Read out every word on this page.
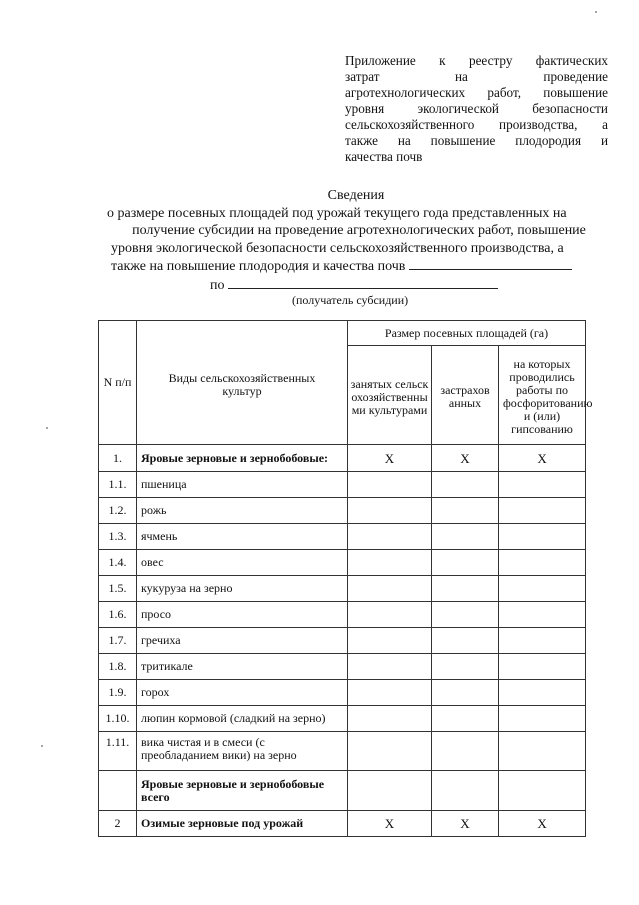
Приложение к реестру фактических
затрат на проведение
агротехнологических работ, повышение
уровня экологической безопасности
сельскохозяйственного производства, а
также на повышение плодородия и
качества почв
Сведения
о размере посевных площадей под урожай текущего года представленных на
получение субсидии на проведение агротехнологических работ, повышение
уровня экологической безопасности сельскохозяйственного производства, а
также на повышение плодородия и качества почв
по
(получатель субсидии)
N п/п	Виды сельскохозяйственных культур	Размер посевных площадей (га)		
		занятых сельскохозяйственными культурами	застрахованных	на которых проводились работы по фосфоритованию и (или) гипсованию
1.	Яровые зерновые и зернобобовые:	X	X	X
1.1.	пшеница			
1.2.	рожь			
1.3.	ячмень			
1.4.	овес			
1.5.	кукуруза на зерно			
1.6.	просо			
1.7.	гречиха			
1.8.	тритикале			
1.9.	горох			
1.10.	люпин кормовой (сладкий на зерно)			
1.11.	вика чистая и в смеси (с преобладанием вики) на зерно			
	Яровые зерновые и зернобобовые всего			
2	Озимые зерновые под урожай	X	X	X
